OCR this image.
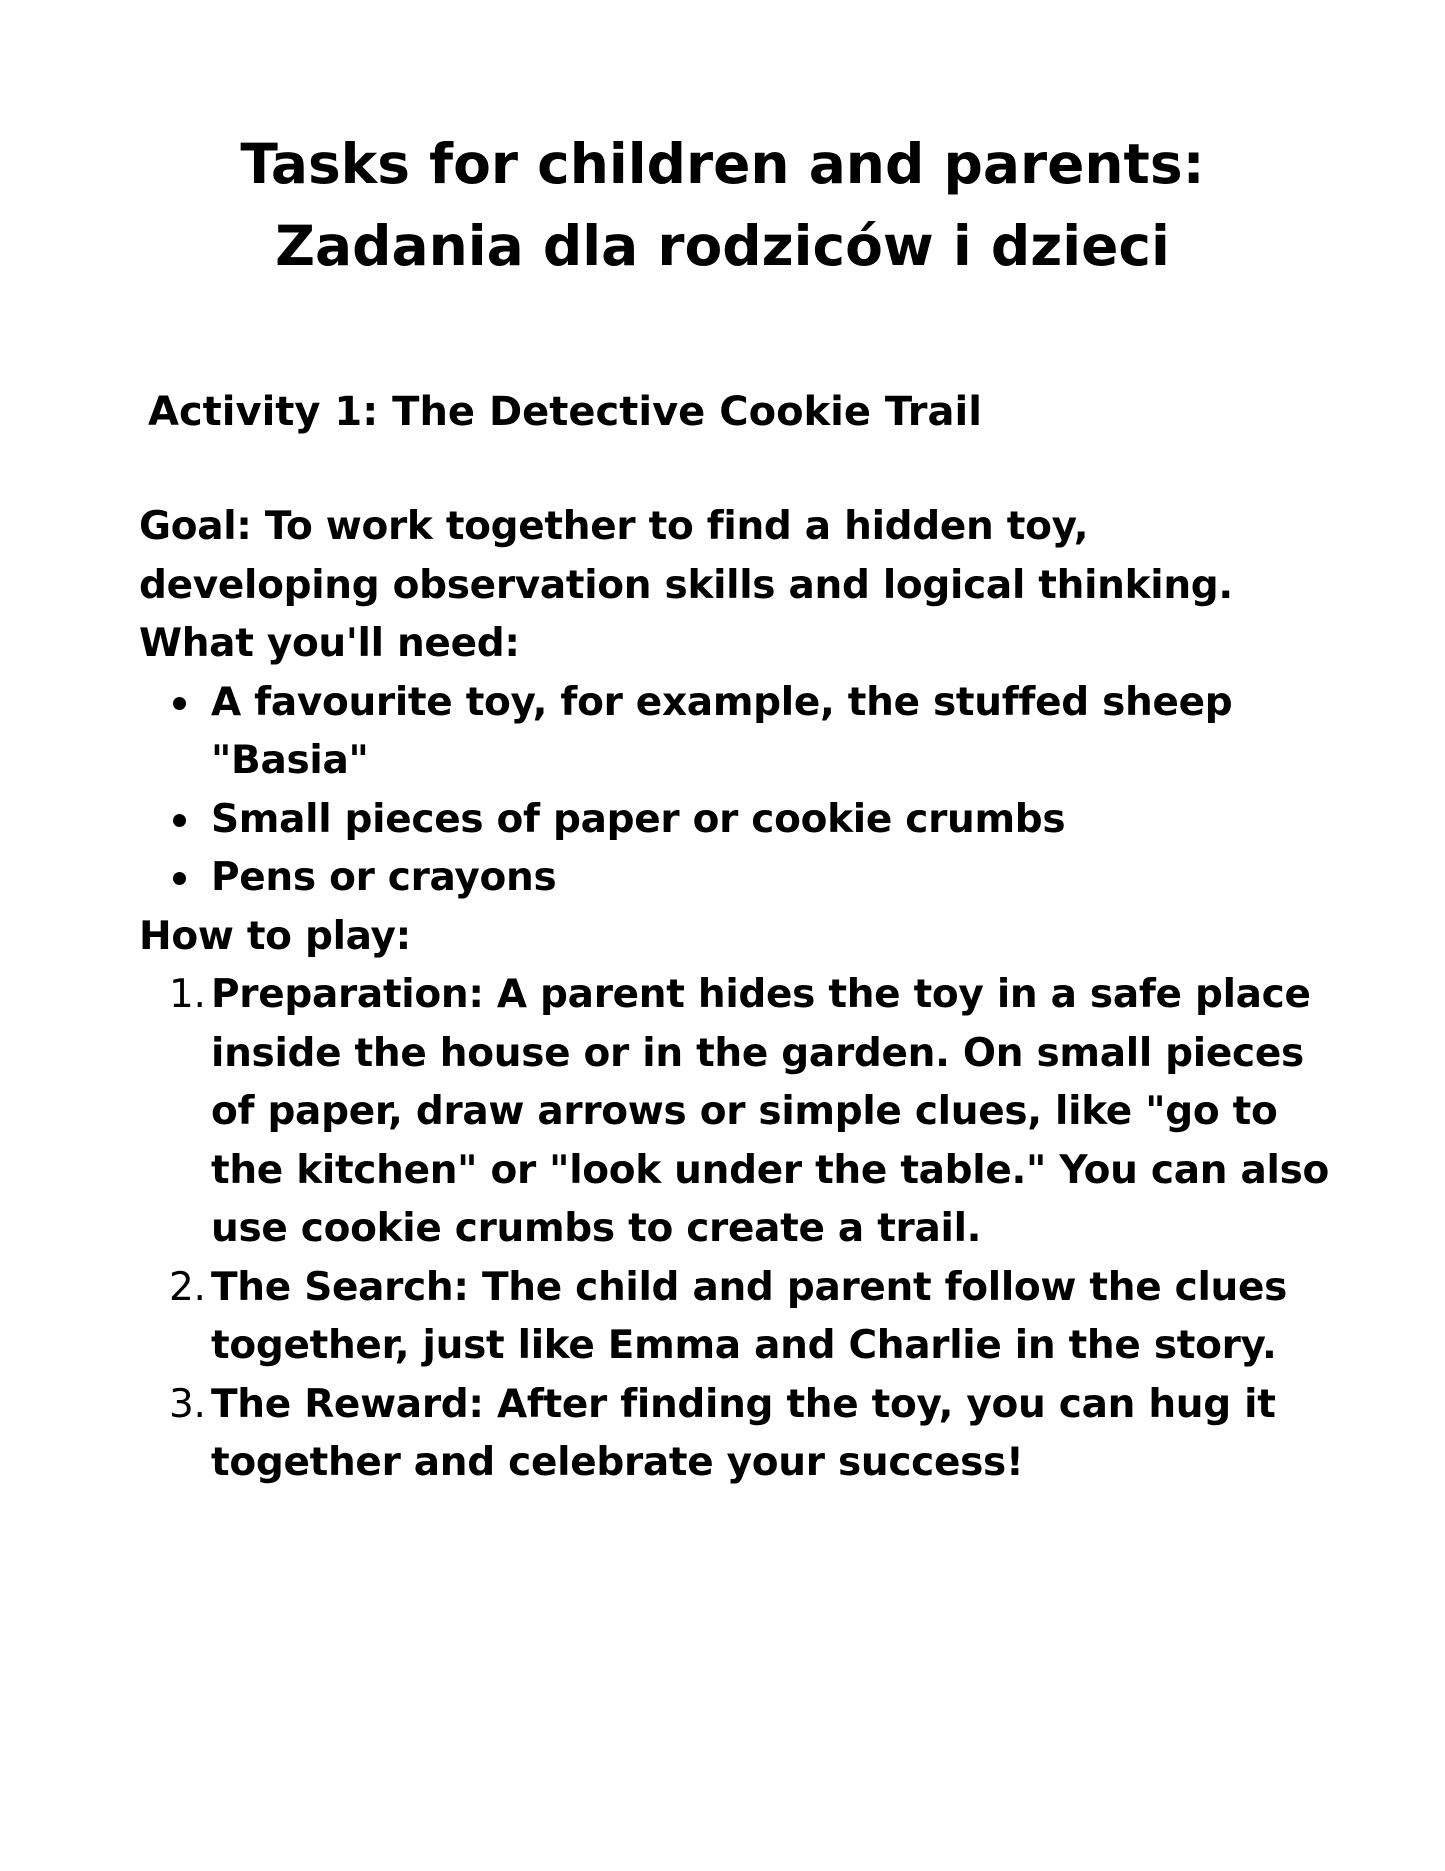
Tasks for children and parents:
Zadania dla rodziców i dzieci
Activity 1: The Detective Cookie Trail

Goal: To work together to find a hidden toy, developing observation skills and logical thinking.

What you'll need:

A favourite toy, for example, the stuffed sheep "Basia"
Small pieces of paper or cookie crumbs
Pens or crayons

How to play:

1. Preparation: A parent hides the toy in a safe place inside the house or in the garden. On small pieces of paper, draw arrows or simple clues, like "go to the kitchen" or "look under the table." You can also use cookie crumbs to create a trail.
2. The Search: The child and parent follow the clues together, just like Emma and Charlie in the story.
3. The Reward: After finding the toy, you can hug it together and celebrate your success!
